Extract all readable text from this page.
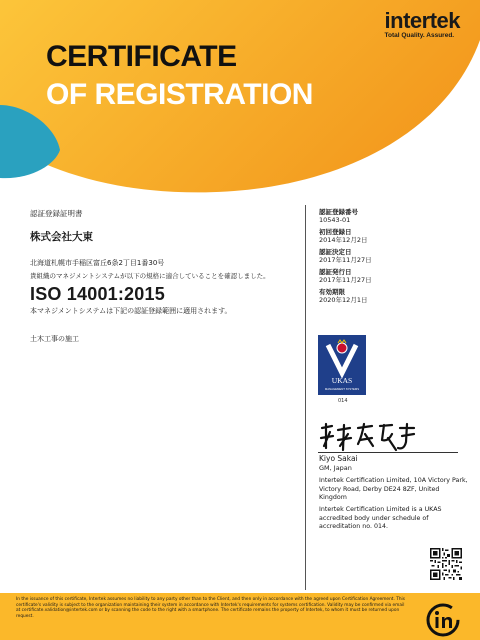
intertek
Total Quality. Assured.
CERTIFICATE
OF REGISTRATION
認証登録証明書
株式会社大東
北海道札幌市手稲区富丘6条2丁目1番30号
貴組織のマネジメントシステムが以下の規格に適合していることを確認しました。
ISO 14001:2015
本マネジメントシステムは下記の認証登録範囲に適用されます。
土木工事の施工
認証登録番号
10543-01
初回登録日
2014年12月2日
認証決定日
2017年11月27日
認証発行日
2017年11月27日
有効期限
2020年12月1日
UKAS
MANAGEMENT SYSTEMS
014
Kiyo Sakai
GM, Japan
Intertek Certification Limited, 10A Victory Park, Victory Road, Derby DE24 8ZF, United Kingdom
Intertek Certification Limited is a UKAS accredited body under schedule of accreditation no. 014.
In the issuance of this certificate, Intertek assumes no liability to any party other than to the Client, and then only in accordance with the agreed upon Certification Agreement. This certificate's validity is subject to the organization maintaining their system in accordance with Intertek's requirements for systems certification. Validity may be confirmed via email at certificate.validation@intertek.com or by scanning the code to the right with a smartphone. The certificate remains the property of Intertek, to whom it must be returned upon request.
